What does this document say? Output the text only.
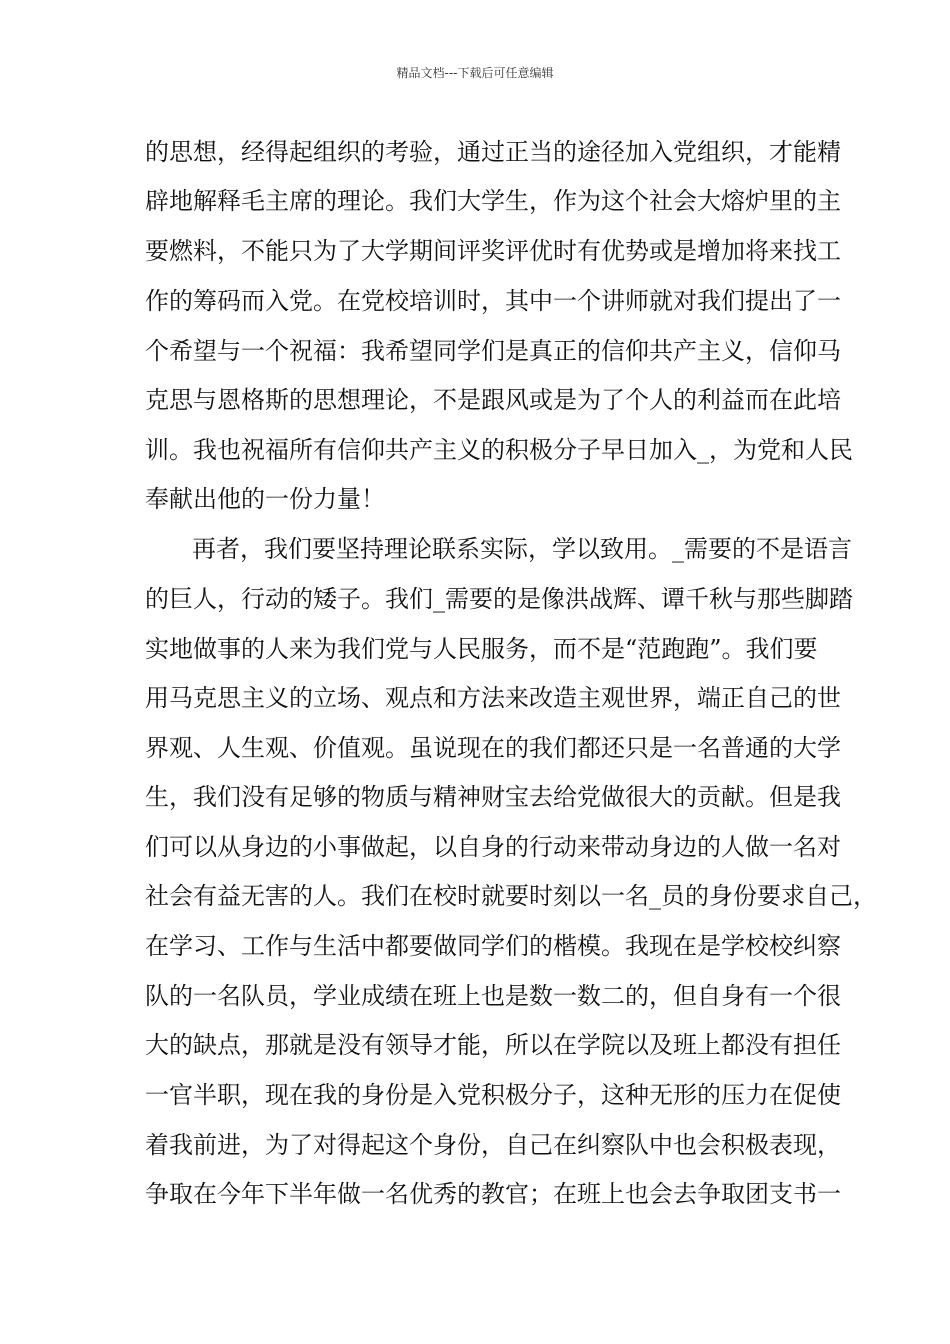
精品文档---下载后可任意编辑
的思想，经得起组织的考验，通过正当的途径加入党组织，才能精
辟地解释毛主席的理论。我们大学生，作为这个社会大熔炉里的主
要燃料，不能只为了大学期间评奖评优时有优势或是增加将来找工
作的筹码而入党。在党校培训时，其中一个讲师就对我们提出了一
个希望与一个祝福：我希望同学们是真正的信仰共产主义，信仰马
克思与恩格斯的思想理论，不是跟风或是为了个人的利益而在此培
训。我也祝福所有信仰共产主义的积极分子早日加入_，为党和人民
奉献出他的一份力量！
再者，我们要坚持理论联系实际，学以致用。_需要的不是语言
的巨人，行动的矮子。我们_需要的是像洪战辉、谭千秋与那些脚踏
实地做事的人来为我们党与人民服务，而不是“范跑跑”。我们要
用马克思主义的立场、观点和方法来改造主观世界，端正自己的世
界观、人生观、价值观。虽说现在的我们都还只是一名普通的大学
生，我们没有足够的物质与精神财宝去给党做很大的贡献。但是我
们可以从身边的小事做起，以自身的行动来带动身边的人做一名对
社会有益无害的人。我们在校时就要时刻以一名_员的身份要求自己，
在学习、工作与生活中都要做同学们的楷模。我现在是学校校纠察
队的一名队员，学业成绩在班上也是数一数二的，但自身有一个很
大的缺点，那就是没有领导才能，所以在学院以及班上都没有担任
一官半职，现在我的身份是入党积极分子，这种无形的压力在促使
着我前进，为了对得起这个身份，自己在纠察队中也会积极表现，
争取在今年下半年做一名优秀的教官；在班上也会去争取团支书一
